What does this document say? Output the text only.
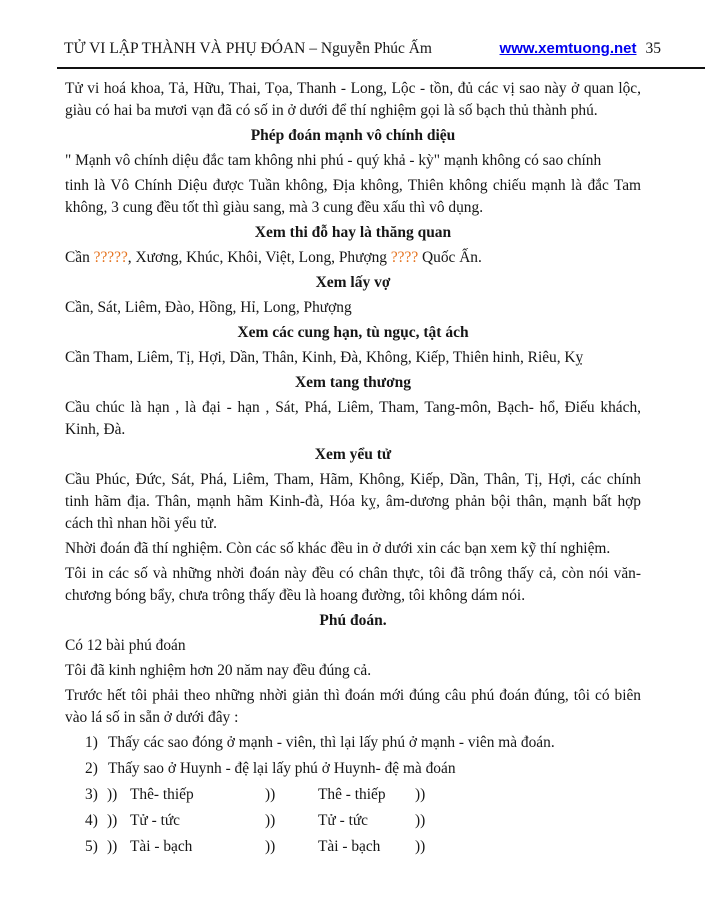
TỬ VI LẬP THÀNH VÀ PHỤ ĐÓAN – Nguyễn Phúc Ấm	www.xemtuong.net 35

Tử vi hoá khoa, Tả, Hữu, Thai, Tọa, Thanh - Long, Lộc - tồn, đủ các vị sao này ở quan lộc, giàu có hai ba mươi vạn đã có số in ở dưới để thí nghiệm gọi là số bạch thủ thành phú.

Phép đoán mạnh vô chính diệu

" Mạnh vô chính diệu đắc tam không nhi phú - quý khả - kỳ" mạnh không có sao chính

tinh là Vô Chính Diệu được Tuần không, Địa không, Thiên không chiếu mạnh là đắc Tam không, 3 cung đều tốt thì giàu sang, mà 3 cung đều xấu thì vô dụng.

Xem thi đỗ hay là thăng quan

Cần ?????, Xương, Khúc, Khôi, Việt, Long, Phượng ???? Quốc Ấn.

Xem lấy vợ

Cần, Sát, Liêm, Đào, Hồng, Hỉ, Long, Phượng

Xem các cung hạn, tù ngục, tật ách

Cần Tham, Liêm, Tị, Hợi, Dần, Thân, Kinh, Đà, Không, Kiếp, Thiên hinh, Riêu, Kỵ

Xem tang thương

Cầu chúc là hạn , là đại - hạn , Sát, Phá, Liêm, Tham, Tang-môn, Bạch- hổ, Điếu khách, Kinh, Đà.

Xem yểu tử

Cầu Phúc, Đức, Sát, Phá, Liêm, Tham, Hãm, Không, Kiếp, Dần, Thân, Tị, Hợi, các chính tinh hãm địa. Thân, mạnh hãm Kinh-đà, Hóa kỵ, âm-dương phản bội thân, mạnh bất hợp cách thì nhan hồi yểu tử.

Nhời đoán đã thí nghiệm. Còn các số khác đều in ở dưới xin các bạn xem kỹ thí nghiệm.

Tôi in các số và những nhời đoán này đều có chân thực, tôi đã trông thấy cả, còn nói văn-chương bóng bẩy, chưa trông thấy đều là hoang đường, tôi không dám nói.

Phú đoán.

Có 12 bài phú đoán

Tôi đã kinh nghiệm hơn 20 năm nay đều đúng cả.

Trước hết tôi phải theo những nhời giản thì đoán mới đúng câu phú đoán đúng, tôi có biên vào lá số in sẵn ở dưới đây :

1) Thấy các sao đóng ở mạnh - viên, thì lại lấy phú ở mạnh - viên mà đoán.
2) Thấy sao ở Huynh - đệ lại lấy phú ở Huynh- đệ mà đoán
3) )) Thê- thiếp	))	Thê - thiếp	))
4) )) Tử - tức	))	Tử - tức	))
5) )) Tài - bạch	))	Tài - bạch	))
